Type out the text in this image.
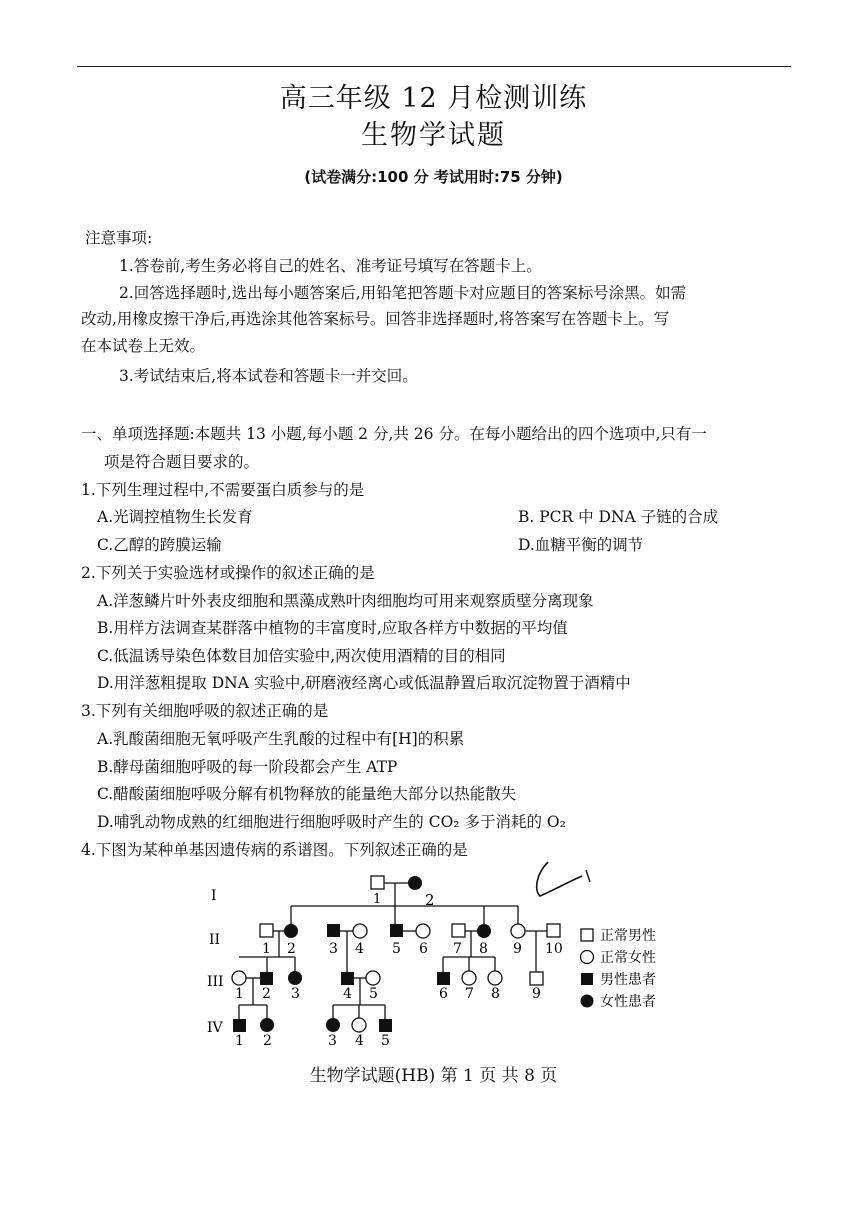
高三年级 12 月检测训练
生物学试题
(试卷满分:100 分 考试用时:75 分钟)
注意事项:
1.答卷前,考生务必将自己的姓名、准考证号填写在答题卡上。
2.回答选择题时,选出每小题答案后,用铅笔把答题卡对应题目的答案标号涂黑。如需
改动,用橡皮擦干净后,再选涂其他答案标号。回答非选择题时,将答案写在答题卡上。写
在本试卷上无效。
3.考试结束后,将本试卷和答题卡一并交回。
一、单项选择题:本题共 13 小题,每小题 2 分,共 26 分。在每小题给出的四个选项中,只有一
项是符合题目要求的。
1.下列生理过程中,不需要蛋白质参与的是
A.光调控植物生长发育	B. PCR 中 DNA 子链的合成
C.乙醇的跨膜运输	D.血糖平衡的调节
2.下列关于实验选材或操作的叙述正确的是
A.洋葱鳞片叶外表皮细胞和黑藻成熟叶肉细胞均可用来观察质壁分离现象
B.用样方法调查某群落中植物的丰富度时,应取各样方中数据的平均值
C.低温诱导染色体数目加倍实验中,两次使用酒精的目的相同
D.用洋葱粗提取 DNA 实验中,研磨液经离心或低温静置后取沉淀物置于酒精中
3.下列有关细胞呼吸的叙述正确的是
A.乳酸菌细胞无氧呼吸产生乳酸的过程中有[H]的积累
B.酵母菌细胞呼吸的每一阶段都会产生 ATP
C.醋酸菌细胞呼吸分解有机物释放的能量绝大部分以热能散失
D.哺乳动物成熟的红细胞进行细胞呼吸时产生的 CO₂ 多于消耗的 O₂
4.下图为某种单基因遗传病的系谱图。下列叙述正确的是
I
II
III
IV
1	2
1 2 3 4 5 6 7 8 9 10
1 2 3	4 5	6 7 8 9
1 2	3 4 5
正常男性
正常女性
男性患者
女性患者
生物学试题(HB) 第 1 页 共 8 页
